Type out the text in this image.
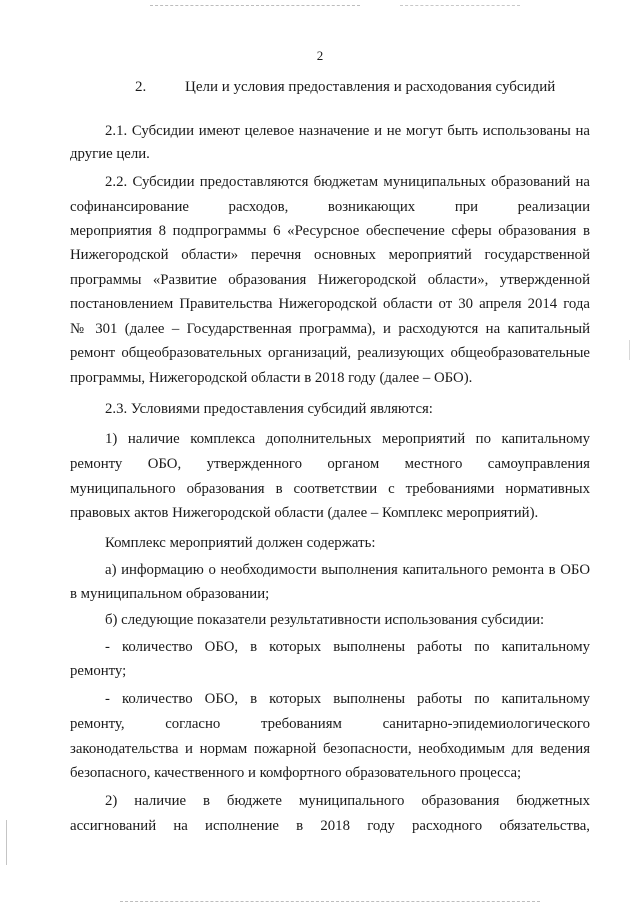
2
2.	Цели и условия предоставления и расходования субсидий
2.1. Субсидии имеют целевое назначение и не могут быть использованы на
другие цели.
2.2. Субсидии предоставляются бюджетам муниципальных образований на
софинансирование расходов, возникающих при реализации
мероприятия 8 подпрограммы 6 «Ресурсное обеспечение сферы образования в
Нижегородской области» перечня основных мероприятий государственной
программы «Развитие образования Нижегородской области», утвержденной
постановлением Правительства Нижегородской области от 30 апреля 2014 года
№ 301 (далее – Государственная программа), и расходуются на капитальный
ремонт общеобразовательных организаций, реализующих общеобразовательные
программы, Нижегородской области в 2018 году (далее – ОБО).
2.3. Условиями предоставления субсидий являются:
1) наличие комплекса дополнительных мероприятий по капитальному
ремонту ОБО, утвержденного органом местного самоуправления
муниципального образования в соответствии с требованиями нормативных
правовых актов Нижегородской области (далее – Комплекс мероприятий).
Комплекс мероприятий должен содержать:
а) информацию о необходимости выполнения капитального ремонта в ОБО
в муниципальном образовании;
б) следующие показатели результативности использования субсидии:
- количество ОБО, в которых выполнены работы по капитальному
ремонту;
- количество ОБО, в которых выполнены работы по капитальному
ремонту, согласно требованиям санитарно-эпидемиологического
законодательства и нормам пожарной безопасности, необходимым для ведения
безопасного, качественного и комфортного образовательного процесса;
2) наличие в бюджете муниципального образования бюджетных
ассигнований на исполнение в 2018 году расходного обязательства,
